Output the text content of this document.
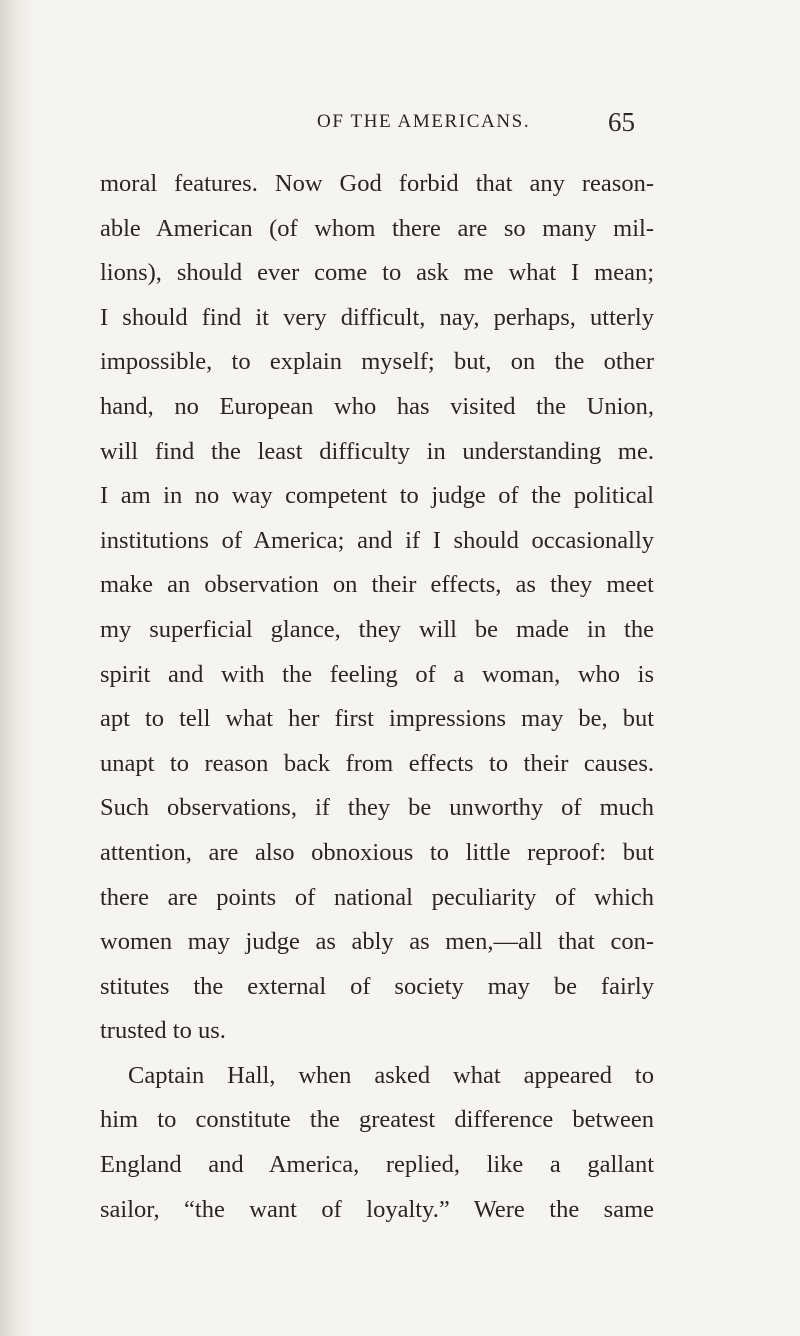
OF THE AMERICANS.	65
moral features. Now God forbid that any reason-
able American (of whom there are so many mil-
lions), should ever come to ask me what I mean;
I should find it very difficult, nay, perhaps, utterly
impossible, to explain myself; but, on the other
hand, no European who has visited the Union,
will find the least difficulty in understanding me.
I am in no way competent to judge of the political
institutions of America; and if I should occasionally
make an observation on their effects, as they meet
my superficial glance, they will be made in the
spirit and with the feeling of a woman, who is
apt to tell what her first impressions may be, but
unapt to reason back from effects to their causes.
Such observations, if they be unworthy of much
attention, are also obnoxious to little reproof: but
there are points of national peculiarity of which
women may judge as ably as men,—all that con-
stitutes the external of society may be fairly
trusted to us.
Captain Hall, when asked what appeared to
him to constitute the greatest difference between
England and America, replied, like a gallant
sailor, “the want of loyalty.” Were the same
